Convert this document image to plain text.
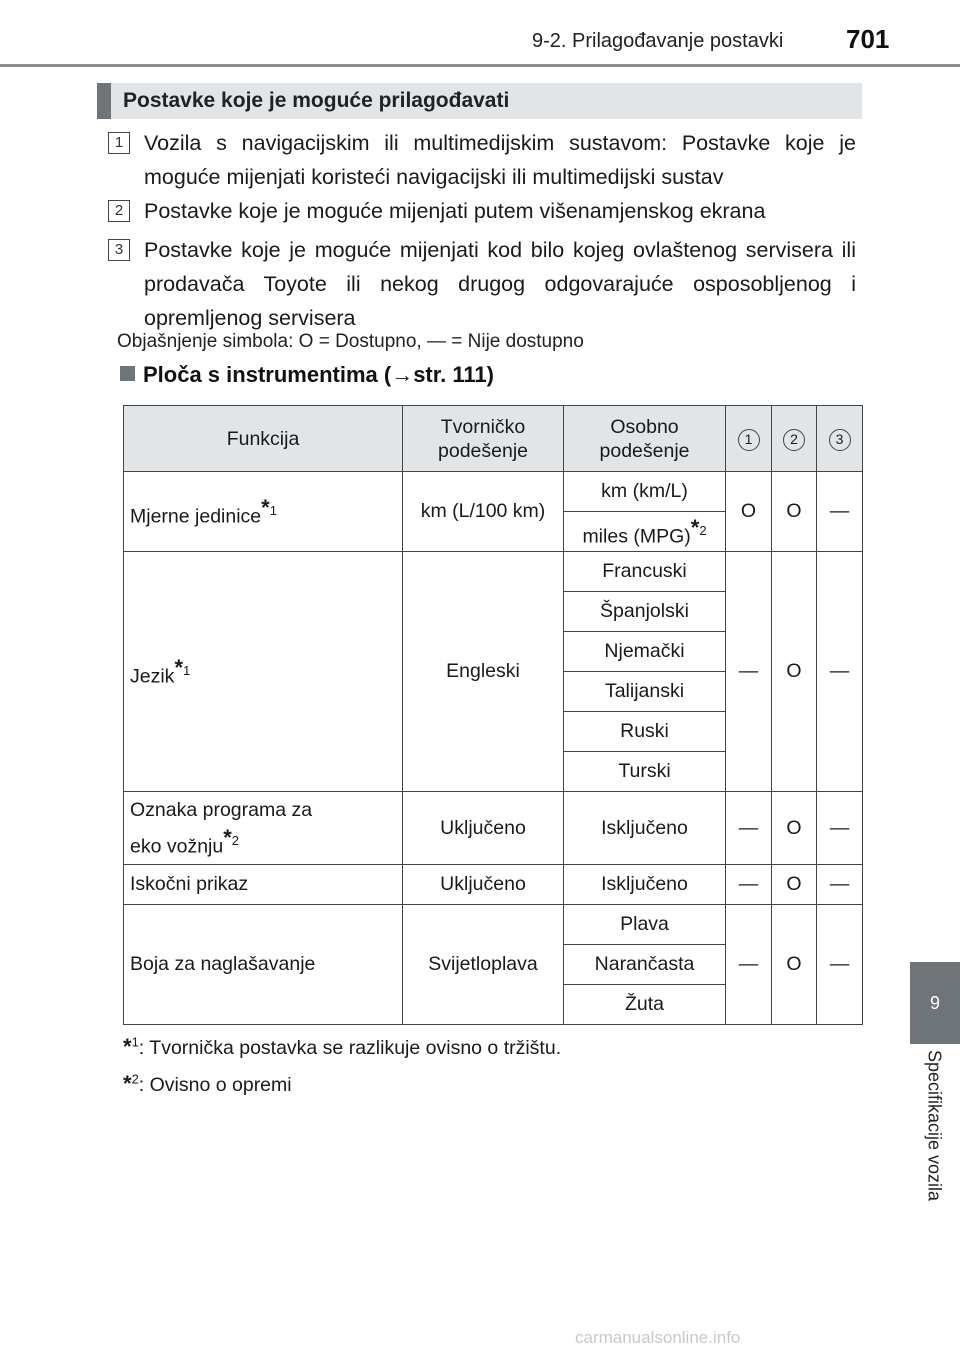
9-2. Prilagođavanje postavki 701
9
Specifikacije vozila
Postavke koje je moguće prilagođavati
1 Vozila s navigacijskim ili multimedijskim sustavom: Postavke koje je moguće mijenjati koristeći navigacijski ili multimedijski sustav
2 Postavke koje je moguće mijenjati putem višenamjenskog ekrana
3 Postavke koje je moguće mijenjati kod bilo kojeg ovlaštenog servisera ili prodavača Toyote ili nekog drugog odgovarajuće osposobljenog i opremljenog servisera
Objašnjenje simbola: O = Dostupno, — = Nije dostupno
Ploča s instrumentima (→str. 111)
Funkcija	Tvorničko podešenje	Osobno podešenje	1	2	3
Mjerne jedinice$^{*1}$	km (L/100 km)	km (km/L)	O	O	—
		miles (MPG)$^{*2}$
Jezik$^{*1}$	Engleski	Francuski	—	O	—
		Španjolski			
		Njemački			
		Talijanski			
		Ruski			
		Turski			
Oznaka programa za
eko vožnju$^{*2}$	Uključeno	Isključeno	—	O	—
Iskočni prikaz	Uključeno	Isključeno	—	O	—
Boja za naglašavanje	Svijetloplava	Plava	—	O	—
		Narančasta			
		Žuta			
*$^1$: Tvornička postavka se razlikuje ovisno o tržištu.
*$^2$: Ovisno o opremi
carmanualsonline.info
